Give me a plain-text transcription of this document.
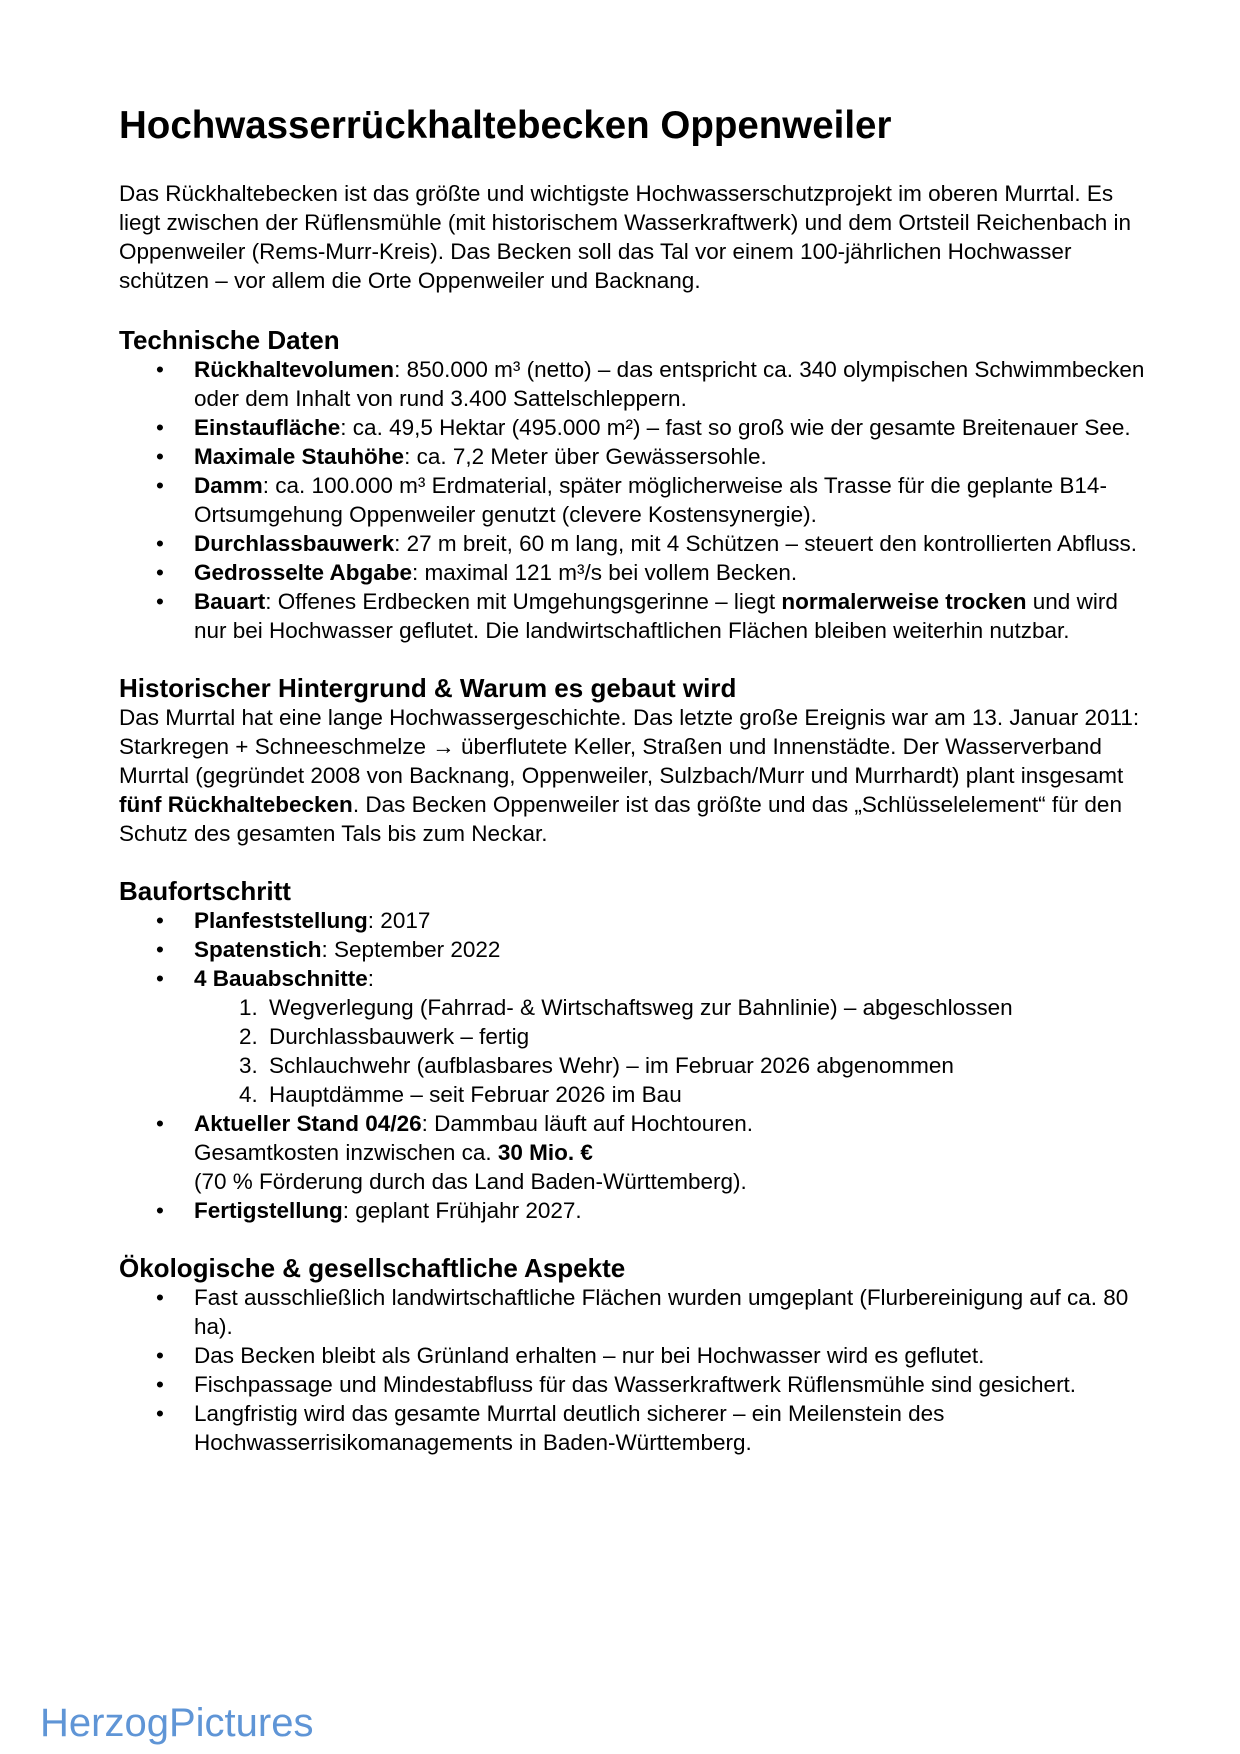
Hochwasserrückhaltebecken Oppenweiler

Das Rückhaltebecken ist das größte und wichtigste Hochwasserschutzprojekt im oberen Murrtal. Es liegt zwischen der Rüflensmühle (mit historischem Wasserkraftwerk) und dem Ortsteil Reichenbach in Oppenweiler (Rems-Murr-Kreis). Das Becken soll das Tal vor einem 100-jährlichen Hochwasser schützen – vor allem die Orte Oppenweiler und Backnang.

Technische Daten
• Rückhaltevolumen: 850.000 m³ (netto) – das entspricht ca. 340 olympischen Schwimmbecken oder dem Inhalt von rund 3.400 Sattelschleppern.
• Einstaufläche: ca. 49,5 Hektar (495.000 m²) – fast so groß wie der gesamte Breitenauer See.
• Maximale Stauhöhe: ca. 7,2 Meter über Gewässersohle.
• Damm: ca. 100.000 m³ Erdmaterial, später möglicherweise als Trasse für die geplante B14-Ortsumgehung Oppenweiler genutzt (clevere Kostensynergie).
• Durchlassbauwerk: 27 m breit, 60 m lang, mit 4 Schützen – steuert den kontrollierten Abfluss.
• Gedrosselte Abgabe: maximal 121 m³/s bei vollem Becken.
• Bauart: Offenes Erdbecken mit Umgehungsgerinne – liegt normalerweise trocken und wird nur bei Hochwasser geflutet. Die landwirtschaftlichen Flächen bleiben weiterhin nutzbar.
Historischer Hintergrund & Warum es gebaut wird

Das Murrtal hat eine lange Hochwassergeschichte. Das letzte große Ereignis war am 13. Januar 2011: Starkregen + Schneeschmelze → überflutete Keller, Straßen und Innenstädte. Der Wasserverband Murrtal (gegründet 2008 von Backnang, Oppenweiler, Sulzbach/Murr und Murrhardt) plant insgesamt fünf Rückhaltebecken. Das Becken Oppenweiler ist das größte und das „Schlüsselelement“ für den Schutz des gesamten Tals bis zum Neckar.

Baufortschritt
• Planfeststellung: 2017
• Spatenstich: September 2022
• 4 Bauabschnitte:
1. Wegverlegung (Fahrrad- & Wirtschaftsweg zur Bahnlinie) – abgeschlossen
2. Durchlassbauwerk – fertig
3. Schlauchwehr (aufblasbares Wehr) – im Februar 2026 abgenommen
4. Hauptdämme – seit Februar 2026 im Bau
• Aktueller Stand 04/26: Dammbau läuft auf Hochtouren.
Gesamtkosten inzwischen ca. 30 Mio. €
(70 % Förderung durch das Land Baden-Württemberg).
• Fertigstellung: geplant Frühjahr 2027.
Ökologische & gesellschaftliche Aspekte
• Fast ausschließlich landwirtschaftliche Flächen wurden umgeplant (Flurbereinigung auf ca. 80 ha).
• Das Becken bleibt als Grünland erhalten – nur bei Hochwasser wird es geflutet.
• Fischpassage und Mindestabfluss für das Wasserkraftwerk Rüflensmühle sind gesichert.
• Langfristig wird das gesamte Murrtal deutlich sicherer – ein Meilenstein des Hochwasserrisikomanagements in Baden-Württemberg.
HerzogPictures
